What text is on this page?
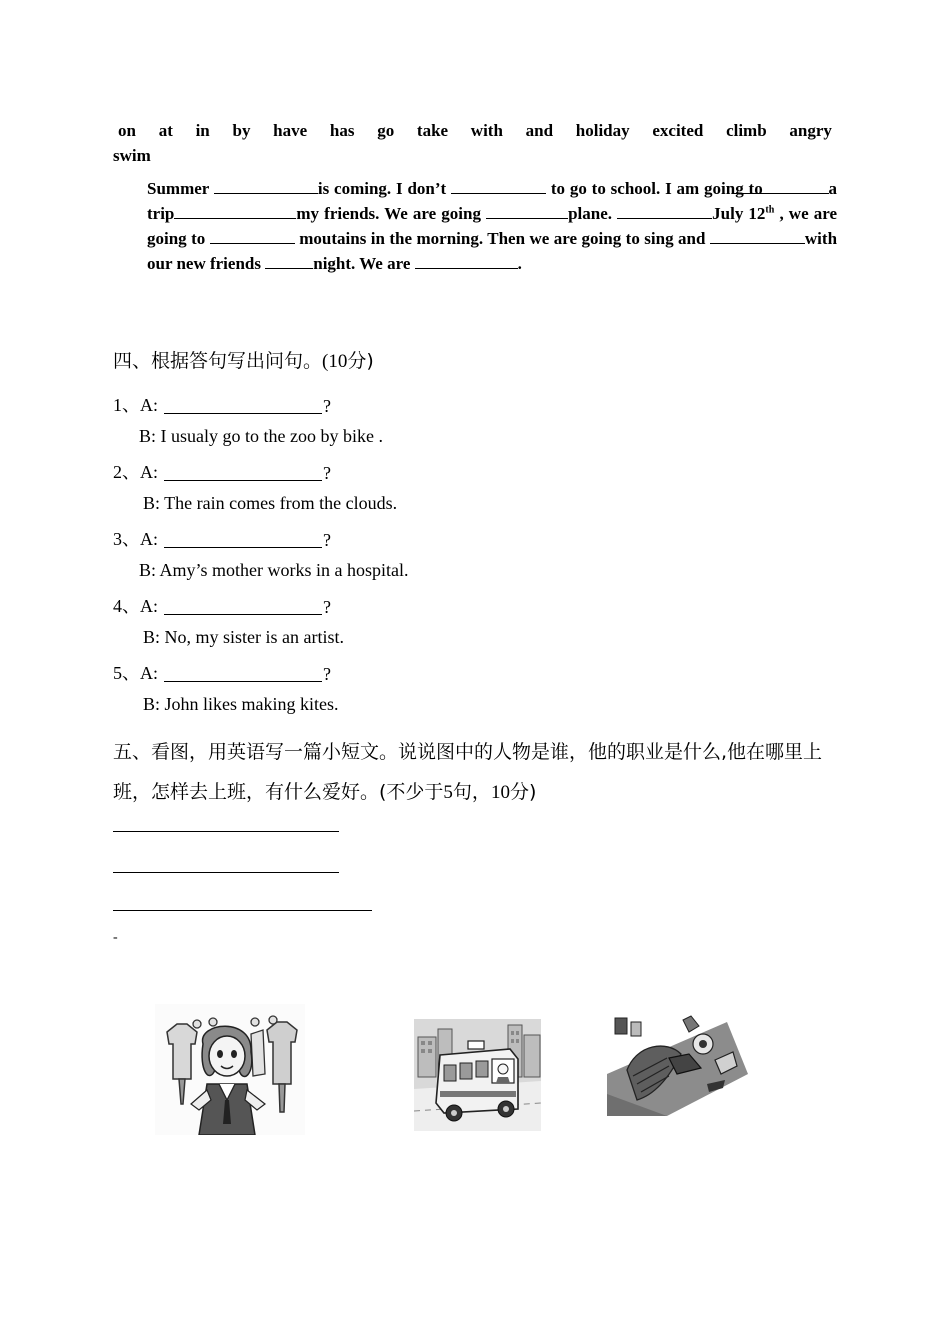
on at in by have has go take with and holiday excited climb angry
swim
Summer	is coming. I don’t	to go to school. I am going to	a trip	my friends. We are going	plane.	July 12th , we are going to	moutains in the morning. Then we are going to sing and	with our new friends	night. We are	.
四、根据答句写出问句。(10分)
1、A:	?
B: I usualy go to the zoo by bike .
2、A:	?
B: The rain comes from the clouds.
3、A:	?
B: Amy’s mother works in a hospital.
4、A:	?
B: No, my sister is an artist.
5、A:	?
B: John likes making kites.
五、看图，用英语写一篇小短文。说说图中的人物是谁，他的职业是什么,他在哪里上
班，怎样去上班，有什么爱好。(不少于5句，10分)
-
